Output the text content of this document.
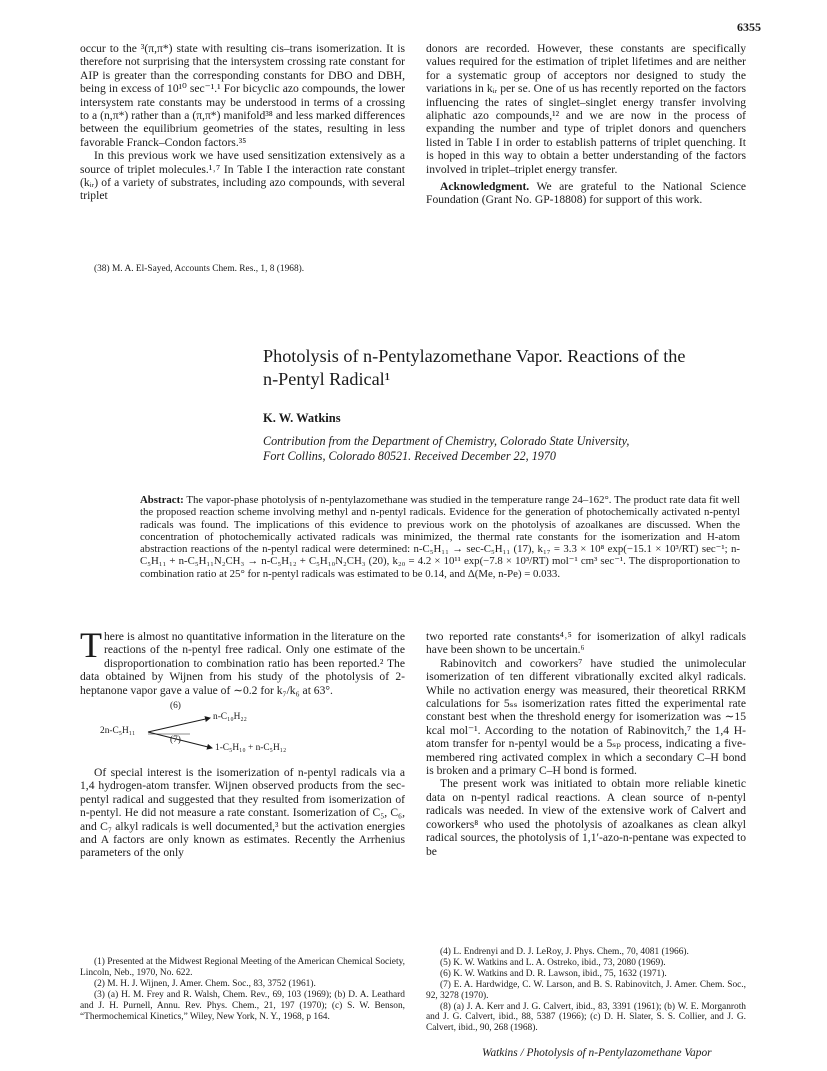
6355

occur to the ³(π,π*) state with resulting cis–trans isomerization. It is therefore not surprising that the intersystem crossing rate constant for AIP is greater than the corresponding constants for DBO and DBH, being in excess of 10¹⁰ sec⁻¹.¹ For bicyclic azo compounds, the lower intersystem rate constants may be understood in terms of a crossing to a (n,π*) rather than a (π,π*) manifold³⁸ and less marked differences between the equilibrium geometries of the states, resulting in less favorable Franck–Condon factors.³⁵

In this previous work we have used sensitization extensively as a source of triplet molecules.¹˒⁷ In Table I the interaction rate constant (kᵢᵣ) of a variety of substrates, including azo compounds, with several triplet

(38) M. A. El-Sayed, Accounts Chem. Res., 1, 8 (1968).

donors are recorded. However, these constants are specifically values required for the estimation of triplet lifetimes and are neither for a systematic group of acceptors nor designed to study the variations in kᵢᵣ per se. One of us has recently reported on the factors influencing the rates of singlet–singlet energy transfer involving aliphatic azo compounds,¹² and we are now in the process of expanding the number and type of triplet donors and quenchers listed in Table I in order to establish patterns of triplet quenching. It is hoped in this way to obtain a better understanding of the factors involved in triplet–triplet energy transfer.

Acknowledgment. We are grateful to the National Science Foundation (Grant No. GP-18808) for support of this work.

Photolysis of n-Pentylazomethane Vapor. Reactions of the
n-Pentyl Radical¹
K. W. Watkins
Contribution from the Department of Chemistry, Colorado State University,
Fort Collins, Colorado 80521. Received December 22, 1970
Abstract: The vapor-phase photolysis of n-pentylazomethane was studied in the temperature range 24–162°. The product rate data fit well the proposed reaction scheme involving methyl and n-pentyl radicals. Evidence for the generation of photochemically activated n-pentyl radicals was found. The implications of this evidence to previous work on the photolysis of azoalkanes are discussed. When the concentration of photochemically activated radicals was minimized, the thermal rate constants for the isomerization and H-atom abstraction reactions of the n-pentyl radical were determined: n-C₅H₁₁ → sec-C₅H₁₁ (17), k₁₇ = 3.3 × 10⁸ exp(−15.1 × 10³/RT) sec⁻¹; n-C₅H₁₁ + n-C₅H₁₁N₂CH₃ → n-C₅H₁₂ + C₅H₁₀N₂CH₃ (20), k₂₀ = 4.2 × 10¹¹ exp(−7.8 × 10³/RT) mol⁻¹ cm³ sec⁻¹. The disproportionation to combination ratio at 25° for n-pentyl radicals was estimated to be 0.14, and Δ(Me, n-Pe) = 0.033.

There is almost no quantitative information in the literature on the reactions of the n-pentyl free radical. Only one estimate of the disproportionation to combination ratio has been reported.² The data obtained by Wijnen from his study of the photolysis of 2-heptanone vapor gave a value of ∼0.2 for k₇/k₆ at 63°.

2n-C₅H₁₁
(6)
(7)
n-C₁₀H₂₂
1-C₅H₁₀ + n-C₅H₁₂

Of special interest is the isomerization of n-pentyl radicals via a 1,4 hydrogen-atom transfer. Wijnen observed products from the sec-pentyl radical and suggested that they resulted from isomerization of n-pentyl. He did not measure a rate constant. Isomerization of C₅, C₆, and C₇ alkyl radicals is well documented,³ but the activation energies and A factors are only known as estimates. Recently the Arrhenius parameters of the only

two reported rate constants⁴˒⁵ for isomerization of alkyl radicals have been shown to be uncertain.⁶

Rabinovitch and coworkers⁷ have studied the unimolecular isomerization of ten different vibrationally excited alkyl radicals. While no activation energy was measured, their theoretical RRKM calculations for 5ₛₛ isomerization rates fitted the experimental rate constant best when the threshold energy for isomerization was ∼15 kcal mol⁻¹. According to the notation of Rabinovitch,⁷ the 1,4 H-atom transfer for n-pentyl would be a 5ₛₚ process, indicating a five-membered ring activated complex in which a secondary C–H bond is broken and a primary C–H bond is formed.

The present work was initiated to obtain more reliable kinetic data on n-pentyl radical reactions. A clean source of n-pentyl radicals was needed. In view of the extensive work of Calvert and coworkers⁸ who used the photolysis of azoalkanes as clean alkyl radical sources, the photolysis of 1,1′-azo-n-pentane was expected to be

(1) Presented at the Midwest Regional Meeting of the American Chemical Society, Lincoln, Neb., 1970, No. 622.

(2) M. H. J. Wijnen, J. Amer. Chem. Soc., 83, 3752 (1961).

(3) (a) H. M. Frey and R. Walsh, Chem. Rev., 69, 103 (1969); (b) D. A. Leathard and J. H. Purnell, Annu. Rev. Phys. Chem., 21, 197 (1970); (c) S. W. Benson, “Thermochemical Kinetics,” Wiley, New York, N. Y., 1968, p 164.

(4) L. Endrenyi and D. J. LeRoy, J. Phys. Chem., 70, 4081 (1966).

(5) K. W. Watkins and L. A. Ostreko, ibid., 73, 2080 (1969).

(6) K. W. Watkins and D. R. Lawson, ibid., 75, 1632 (1971).

(7) E. A. Hardwidge, C. W. Larson, and B. S. Rabinovitch, J. Amer. Chem. Soc., 92, 3278 (1970).

(8) (a) J. A. Kerr and J. G. Calvert, ibid., 83, 3391 (1961); (b) W. E. Morganroth and J. G. Calvert, ibid., 88, 5387 (1966); (c) D. H. Slater, S. S. Collier, and J. G. Calvert, ibid., 90, 268 (1968).

Watkins / Photolysis of n-Pentylazomethane Vapor
